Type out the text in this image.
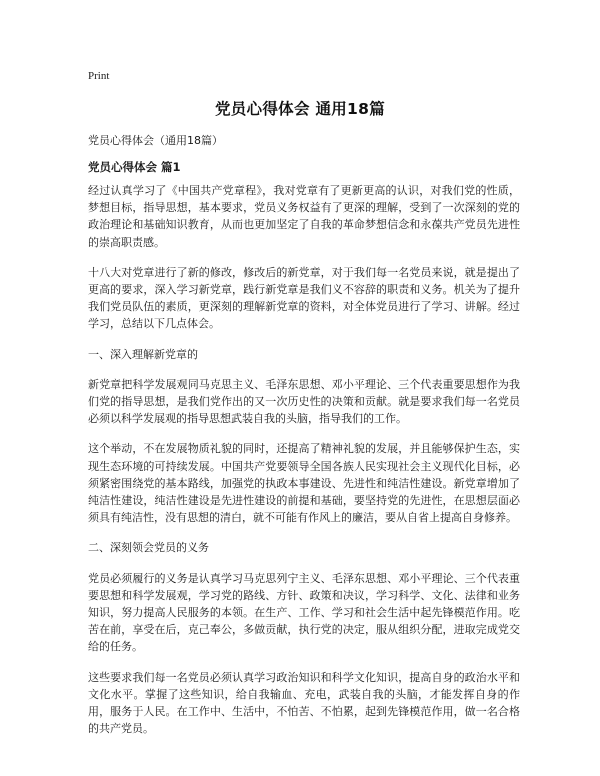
Print
党员心得体会 通用18篇
党员心得体会（通用18篇）
党员心得体会 篇1

经过认真学习了《中国共产党章程》，我对党章有了更新更高的认识，对我们党的性质，梦想目标，指导思想，基本要求，党员义务权益有了更深的理解，受到了一次深刻的党的政治理论和基础知识教育，从而也更加坚定了自我的革命梦想信念和永葆共产党员先进性的崇高职责感。

十八大对党章进行了新的修改，修改后的新党章，对于我们每一名党员来说，就是提出了更高的要求，深入学习新党章，践行新党章是我们义不容辞的职责和义务。机关为了提升我们党员队伍的素质，更深刻的理解新党章的资料，对全体党员进行了学习、讲解。经过学习，总结以下几点体会。

一、深入理解新党章的

新党章把科学发展观同马克思主义、毛泽东思想、邓小平理论、三个代表重要思想作为我们党的指导思想，是我们党作出的又一次历史性的决策和贡献。就是要求我们每一名党员必须以科学发展观的指导思想武装自我的头脑，指导我们的工作。

这个举动，不在发展物质礼貌的同时，还提高了精神礼貌的发展，并且能够保护生态，实现生态环境的可持续发展。中国共产党要领导全国各族人民实现社会主义现代化目标，必须紧密围绕党的基本路线，加强党的执政本事建设、先进性和纯洁性建设。新党章增加了纯洁性建设，纯洁性建设是先进性建设的前提和基础，要坚持党的先进性，在思想层面必须具有纯洁性，没有思想的清白，就不可能有作风上的廉洁，要从自省上提高自身修养。

二、深刻领会党员的义务

党员必须履行的义务是认真学习马克思列宁主义、毛泽东思想、邓小平理论、三个代表重要思想和科学发展观，学习党的路线、方针、政策和决议，学习科学、文化、法律和业务知识，努力提高人民服务的本领。在生产、工作、学习和社会生活中起先锋模范作用。吃苦在前，享受在后，克己奉公，多做贡献，执行党的决定，服从组织分配，进取完成党交给的任务。

这些要求我们每一名党员必须认真学习政治知识和科学文化知识，提高自身的政治水平和文化水平。掌握了这些知识，给自我输血、充电，武装自我的头脑，才能发挥自身的作用，服务于人民。在工作中、生活中，不怕苦、不怕累，起到先锋模范作用，做一名合格的共产党员。
